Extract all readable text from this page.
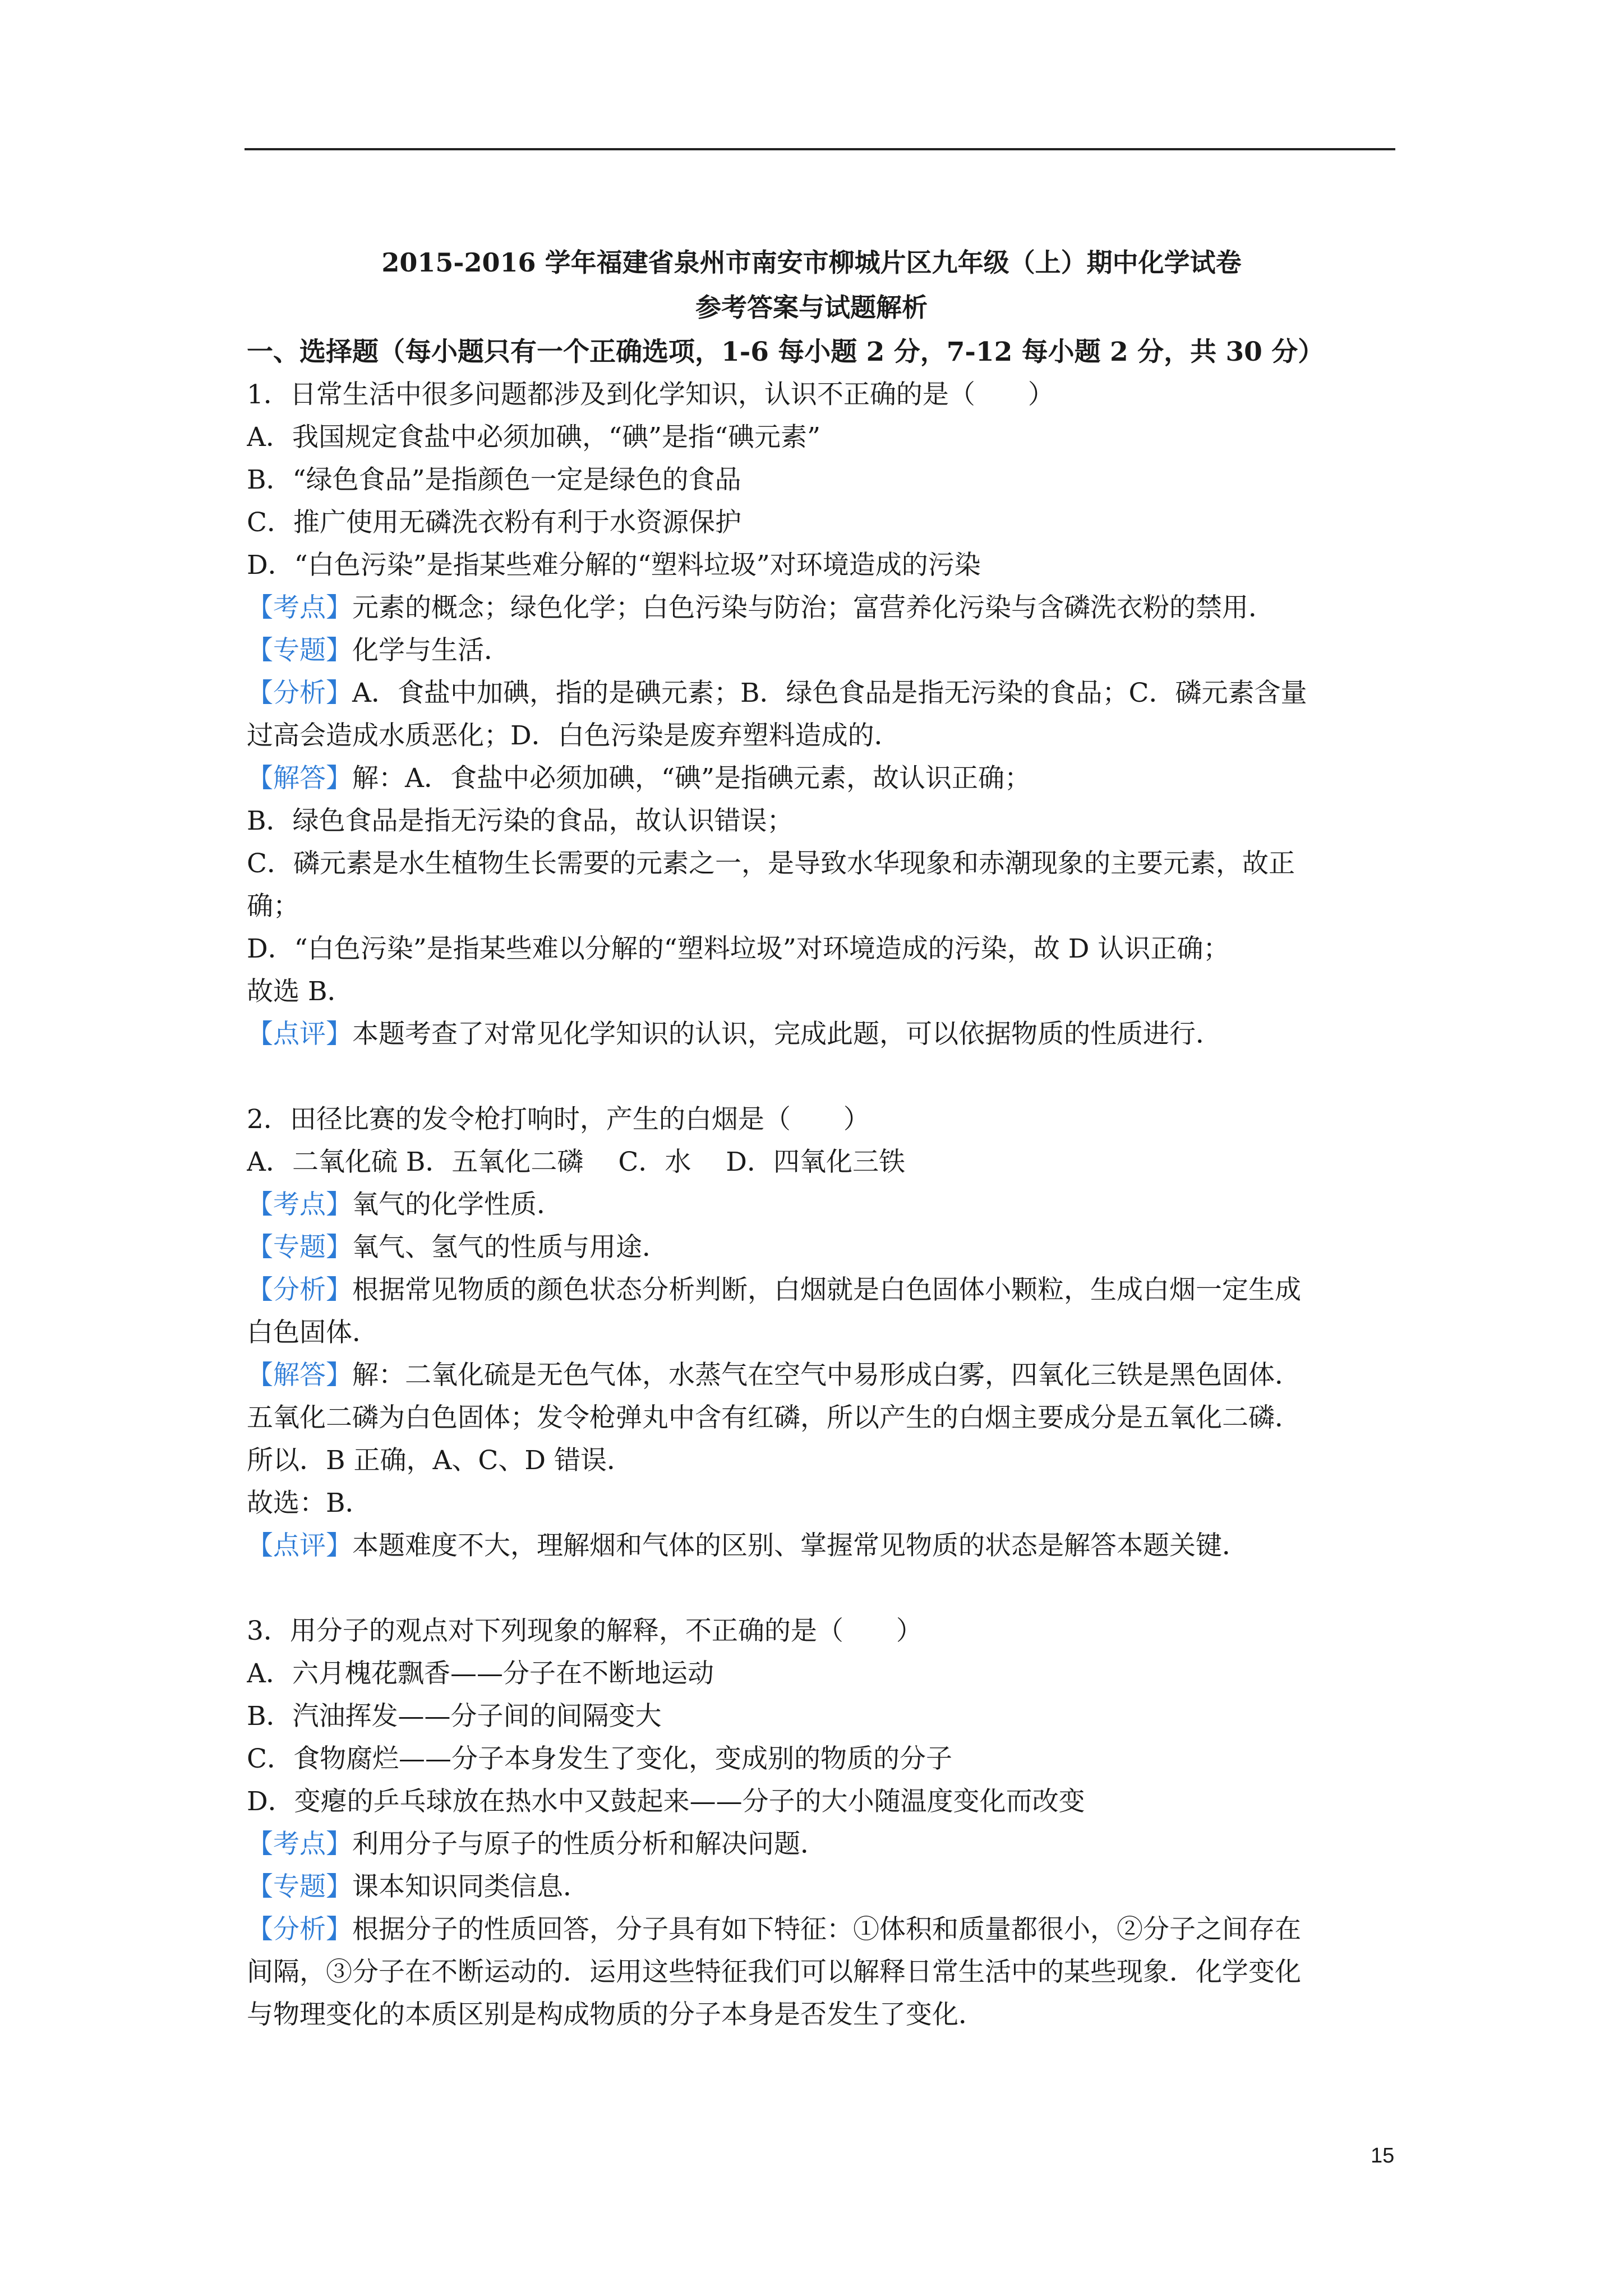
2015-2016 学年福建省泉州市南安市柳城片区九年级（上）期中化学试卷
参考答案与试题解析
一、选择题（每小题只有一个正确选项，1-6 每小题 2 分，7-12 每小题 2 分，共 30 分）
1．日常生活中很多问题都涉及到化学知识，认识不正确的是（　　）
A．我国规定食盐中必须加碘，“碘”是指“碘元素”
B．“绿色食品”是指颜色一定是绿色的食品
C．推广使用无磷洗衣粉有利于水资源保护
D．“白色污染”是指某些难分解的“塑料垃圾”对环境造成的污染
【考点】元素的概念；绿色化学；白色污染与防治；富营养化污染与含磷洗衣粉的禁用．
【专题】化学与生活．
【分析】A．食盐中加碘，指的是碘元素；B．绿色食品是指无污染的食品；C．磷元素含量
过高会造成水质恶化；D．白色污染是废弃塑料造成的．
【解答】解：A．食盐中必须加碘，“碘”是指碘元素，故认识正确；
B．绿色食品是指无污染的食品，故认识错误；
C．磷元素是水生植物生长需要的元素之一，是导致水华现象和赤潮现象的主要元素，故正
确；
D．“白色污染”是指某些难以分解的“塑料垃圾”对环境造成的污染，故 D 认识正确；
故选 B．
【点评】本题考查了对常见化学知识的认识，完成此题，可以依据物质的性质进行．
2．田径比赛的发令枪打响时，产生的白烟是（　　）
A．二氧化硫 B．五氧化二磷　 C．水　 D．四氧化三铁
【考点】氧气的化学性质．
【专题】氧气、氢气的性质与用途．
【分析】根据常见物质的颜色状态分析判断，白烟就是白色固体小颗粒，生成白烟一定生成
白色固体．
【解答】解：二氧化硫是无色气体，水蒸气在空气中易形成白雾，四氧化三铁是黑色固体．
五氧化二磷为白色固体；发令枪弹丸中含有红磷，所以产生的白烟主要成分是五氧化二磷．
所以．B 正确，A、C、D 错误．
故选：B．
【点评】本题难度不大，理解烟和气体的区别、掌握常见物质的状态是解答本题关键．
3．用分子的观点对下列现象的解释，不正确的是（　　）
A．六月槐花飘香——分子在不断地运动
B．汽油挥发——分子间的间隔变大
C．食物腐烂——分子本身发生了变化，变成别的物质的分子
D．变瘪的乒乓球放在热水中又鼓起来——分子的大小随温度变化而改变
【考点】利用分子与原子的性质分析和解决问题．
【专题】课本知识同类信息．
【分析】根据分子的性质回答，分子具有如下特征：①体积和质量都很小，②分子之间存在
间隔，③分子在不断运动的．运用这些特征我们可以解释日常生活中的某些现象．化学变化
与物理变化的本质区别是构成物质的分子本身是否发生了变化．
15
